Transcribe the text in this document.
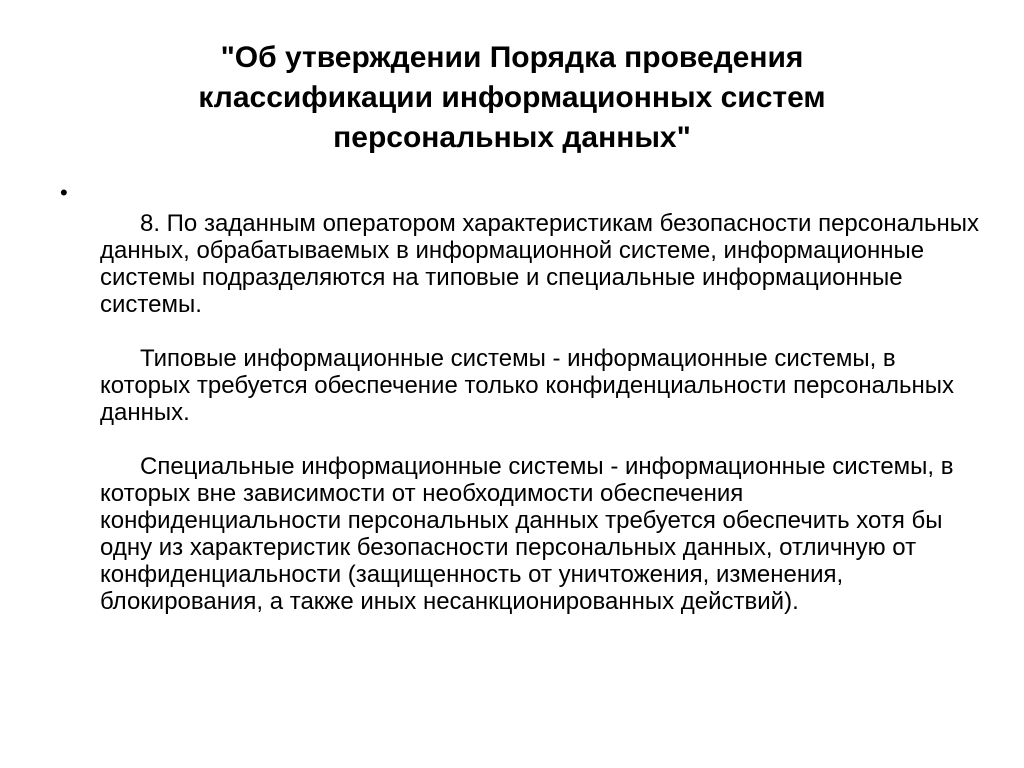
"Об утверждении Порядка проведения классификации информационных систем персональных данных"
•

8. По заданным оператором характеристикам безопасности персональных данных, обрабатываемых в информационной системе, информационные системы подразделяются на типовые и специальные информационные системы.

Типовые информационные системы - информационные системы, в которых требуется обеспечение только конфиденциальности персональных данных.

Специальные информационные системы - информационные системы, в которых вне зависимости от необходимости обеспечения конфиденциальности персональных данных требуется обеспечить хотя бы одну из характеристик безопасности персональных данных, отличную от конфиденциальности (защищенность от уничтожения, изменения, блокирования, а также иных несанкционированных действий).
